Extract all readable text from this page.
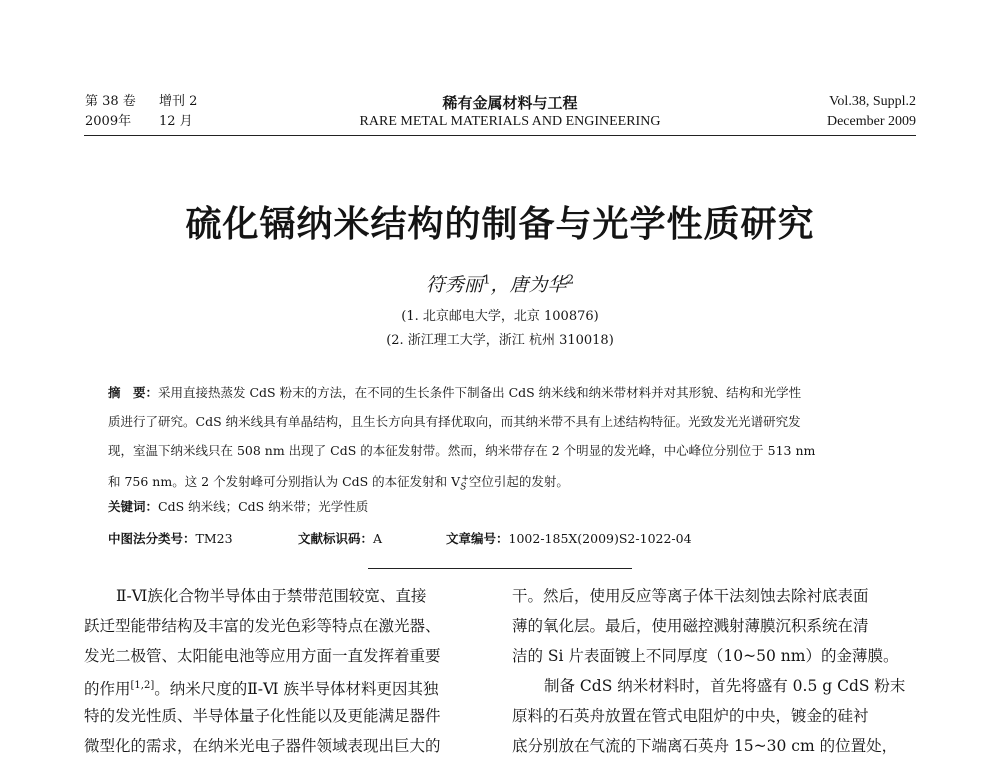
第 38 卷 增刊 2

2009年 12 月

稀有金属材料与工程

RARE METAL MATERIALS AND ENGINEERING

Vol.38, Suppl.2

December 2009

硫化镉纳米结构的制备与光学性质研究

符秀丽$^1$，唐为华$^2$

(1. 北京邮电大学，北京 100876)

(2. 浙江理工大学，浙江 杭州 310018)

摘　要：采用直接热蒸发 CdS 粉末的方法，在不同的生长条件下制备出 CdS 纳米线和纳米带材料并对其形貌、结构和光学性

质进行了研究。CdS 纳米线具有单晶结构，且生长方向具有择优取向，而其纳米带不具有上述结构特征。光致发光光谱研究发

现，室温下纳米线只在 508 nm 出现了 CdS 的本征发射带。然而，纳米带存在 2 个明显的发光峰，中心峰位分别位于 513 nm

和 756 nm。这 2 个发射峰可分别指认为 CdS 的本征发射和 $V_S^+$空位引起的发射。

关键词：CdS 纳米线；CdS 纳米带；光学性质

中图法分类号：TM23	文献标识码：A	文章编号：1002-185X(2009)S2-1022-04

Ⅱ-Ⅵ族化合物半导体由于禁带范围较宽、直接

跃迁型能带结构及丰富的发光色彩等特点在激光器、

发光二极管、太阳能电池等应用方面一直发挥着重要

的作用[1,2]。纳米尺度的Ⅱ-Ⅵ 族半导体材料更因其独

特的发光性质、半导体量子化性能以及更能满足器件

微型化的需求，在纳米光电子器件领域表现出巨大的

干。然后，使用反应等离子体干法刻蚀去除衬底表面

薄的氧化层。最后，使用磁控溅射薄膜沉积系统在清

洁的 Si 片表面镀上不同厚度（10~50 nm）的金薄膜。

制备 CdS 纳米材料时，首先将盛有 0.5 g CdS 粉末

原料的石英舟放置在管式电阻炉的中央，镀金的硅衬

底分别放在气流的下端离石英舟 15~30 cm 的位置处，
